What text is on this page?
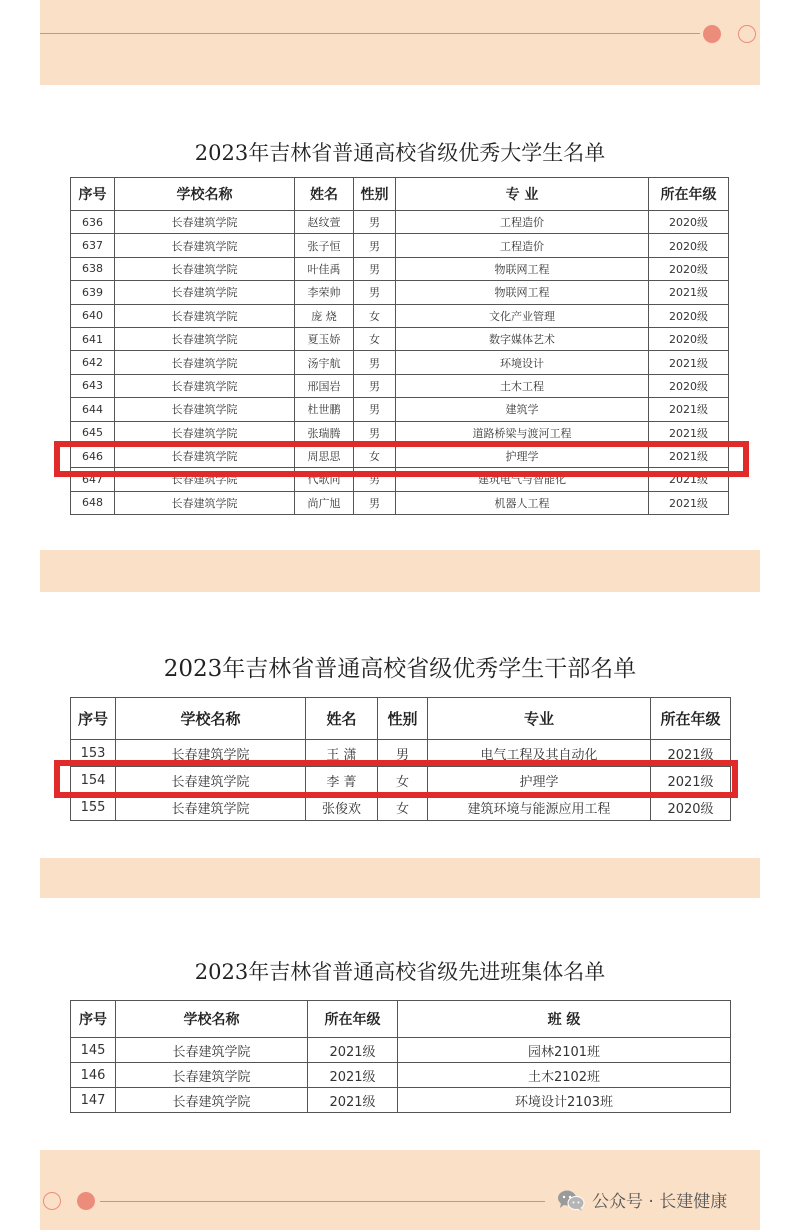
2023年吉林省普通高校省级优秀大学生名单
序号	学校名称	姓名	性别	专 业	所在年级
636	长春建筑学院	赵纹萱	男	工程造价	2020级
637	长春建筑学院	张子恒	男	工程造价	2020级
638	长春建筑学院	叶佳禹	男	物联网工程	2020级
639	长春建筑学院	李荣帅	男	物联网工程	2021级
640	长春建筑学院	庞 烧	女	文化产业管理	2020级
641	长春建筑学院	夏玉娇	女	数字媒体艺术	2020级
642	长春建筑学院	汤宇航	男	环境设计	2021级
643	长春建筑学院	邢国岩	男	土木工程	2020级
644	长春建筑学院	杜世鹏	男	建筑学	2021级
645	长春建筑学院	张瑞腾	男	道路桥梁与渡河工程	2021级
646	长春建筑学院	周思思	女	护理学	2021级
647	长春建筑学院	代歌同	男	建筑电气与智能化	2021级
648	长春建筑学院	尚广旭	男	机器人工程	2021级
2023年吉林省普通高校省级优秀学生干部名单
序号	学校名称	姓名	性别	专业	所在年级
153	长春建筑学院	王 潇	男	电气工程及其自动化	2021级
154	长春建筑学院	李 菁	女	护理学	2021级
155	长春建筑学院	张俊欢	女	建筑环境与能源应用工程	2020级
2023年吉林省普通高校省级先进班集体名单
序号	学校名称	所在年级	班 级
145	长春建筑学院	2021级	园林2101班
146	长春建筑学院	2021级	土木2102班
147	长春建筑学院	2021级	环境设计2103班
公众号 · 长建健康
